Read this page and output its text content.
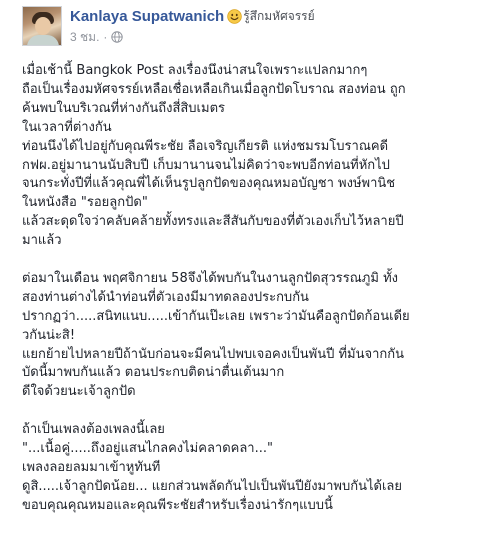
Kanlaya Supatwanich รู้สึกมหัศจรรย์
3 ชม. ·

เมื่อเช้านี้ Bangkok Post ลงเรื่องนึงน่าสนใจเพราะแปลกมากๆ
ถือเป็นเรื่องมหัศจรรย์เหลือเชื่อเหลือเกินเมื่อลูกปัดโบราณ สองท่อน ถูก
ค้นพบในบริเวณที่ห่างกันถึงสี่สิบเมตร
ในเวลาที่ต่างกัน
ท่อนนึงได้ไปอยู่กับคุณพีระชัย ลือเจริญเกียรติ แห่งชมรมโบราณคดี
กฟผ.อยู่มานานนับสิบปี เก็บมานานจนไม่คิดว่าจะพบอีกท่อนที่หักไป
จนกระทั่งปีที่แล้วคุณพี่ได้เห็นรูปลูกปัดของคุณหมอบัญชา พงษ์พานิช
ในหนังสือ "รอยลูกปัด"
แล้วสะดุดใจว่าคลับคล้ายทั้งทรงและสีสันกับของที่ตัวเองเก็บไว้หลายปี
มาแล้ว

ต่อมาในเดือน พฤศจิกายน 58จึงได้พบกันในงานลูกปัดสุวรรณภูมิ ทั้ง
สองท่านต่างได้นำท่อนที่ตัวเองมีมาทดลองประกบกัน
ปรากฏว่า.....สนิทแนบ.....เข้ากันเป๊ะเลย เพราะว่ามันคือลูกปัดก้อนเดีย
วกันน่ะสิ!
แยกย้ายไปหลายปีถ้านับก่อนจะมีคนไปพบเจอคงเป็นพันปี ที่มันจากกัน
บัดนี้มาพบกันแล้ว ตอนประกบติดน่าตื่นเต้นมาก
ดีใจด้วยนะเจ้าลูกปัด

ถ้าเป็นเพลงต้องเพลงนี้เลย
"...เนื้อคู่.....ถึงอยู่แสนไกลคงไม่คลาดคลา..."
เพลงลอยลมมาเข้าหูทันที
ดูสิ.....เจ้าลูกปัดน้อย... แยกส่วนพลัดกันไปเป็นพันปียังมาพบกันได้เลย
ขอบคุณคุณหมอและคุณพีระชัยสำหรับเรื่องน่ารักๆแบบนี้
